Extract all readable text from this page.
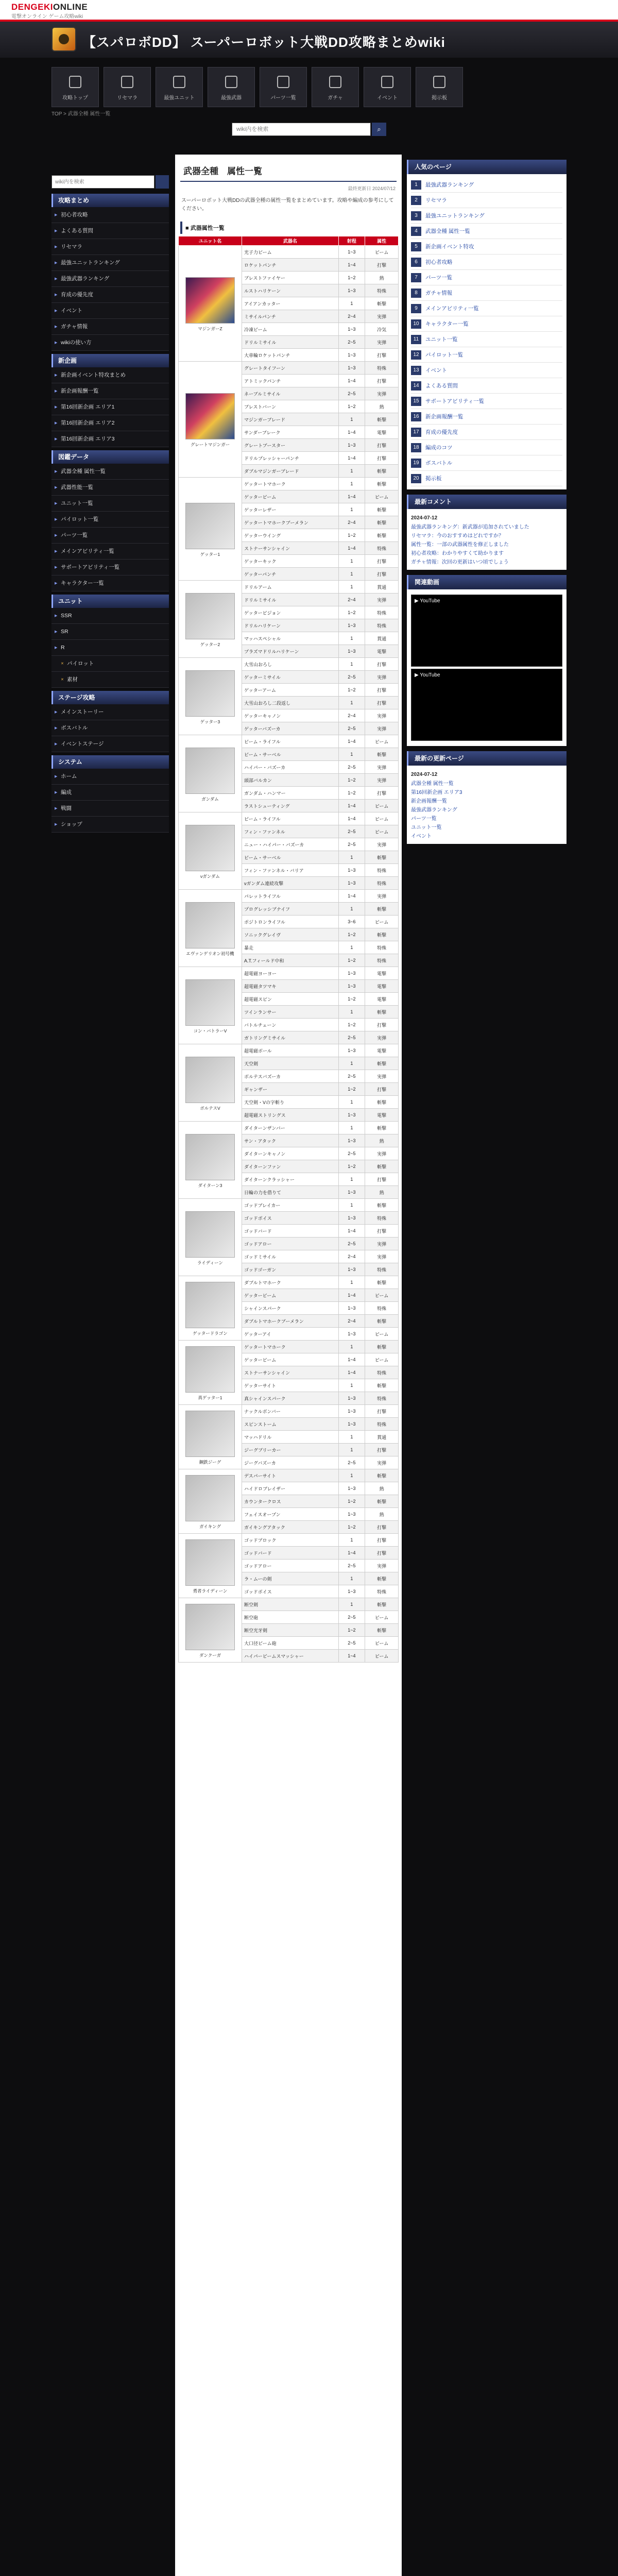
DENGEKIONLINE
電撃オンライン ゲーム攻略wiki
【スパロボDD】 スーパーロボット大戦DD攻略まとめwiki
攻略トップ	リセマラ	最強ユニット	最強武器	パーツ一覧	ガチャ	イベント	掲示板
TOP > 武器全種 属性一覧
wiki内を検索
⌕
wiki内を検索
攻略まとめ
▶ 初心者攻略
▶ よくある質問
▶ リセマラ
▶ 最強ユニットランキング
▶ 最強武器ランキング
▶ 育成の優先度
▶ イベント
▶ ガチャ情報
▶ wikiの使い方
新企画
▶ 新企画イベント特攻まとめ
▶ 新企画報酬一覧
▶ 第16回新企画 エリア1
▶ 第16回新企画 エリア2
▶ 第16回新企画 エリア3
図鑑データ
▶ 武器全種 属性一覧
▶ 武器性能一覧
▶ ユニット一覧
▶ パイロット一覧
▶ パーツ一覧
▶ メインアビリティ一覧
▶ サポートアビリティ一覧
▶ キャラクター一覧
ユニット
▶ SSR
▶ SR
▶ R
✕ パイロット
✕ 素材
ステージ攻略
▶ メインストーリー
▶ ボスバトル
▶ イベントステージ
システム
▶ ホーム
▶ 編成
▶ 戦闘
▶ ショップ
武器全種　属性一覧
最終更新日 2024/07/12
スーパーロボット大戦DDの武器全種の属性一覧をまとめています。攻略や編成の参考にしてください。
■ 武器属性一覧
ユニット名	武器名	射程	属性

マジンガーZ	光子力ビーム	1~3	ビーム
	ロケットパンチ	1~4	打撃
	ブレストファイヤー	1~2	熱
	ルストハリケーン	1~3	特殊
	アイアンカッター	1	斬撃
	ミサイルパンチ	2~4	実弾
	冷凍ビーム	1~3	冷気
	ドリルミサイル	2~5	実弾
	大車輪ロケットパンチ	1~3	打撃

グレートマジンガー	グレートタイフーン	1~3	特殊
	アトミックパンチ	1~4	打撃
	ネーブルミサイル	2~5	実弾
	ブレストバーン	1~2	熱
	マジンガーブレード	1	斬撃
	サンダーブレーク	1~4	電撃
	グレートブースター	1~3	打撃
	ドリルプレッシャーパンチ	1~4	打撃
	ダブルマジンガーブレード	1	斬撃

ゲッター1	ゲッタートマホーク	1	斬撃
	ゲッタービーム	1~4	ビーム
	ゲッターレザー	1	斬撃
	ゲッタートマホークブーメラン	2~4	斬撃
	ゲッターウイング	1~2	斬撃
	ストナーサンシャイン	1~4	特殊
	ゲッターキック	1	打撃
	ゲッターパンチ	1	打撃

ゲッター2	ドリルアーム	1	貫通
	ドリルミサイル	2~4	実弾
	ゲッタービジョン	1~2	特殊
	ドリルハリケーン	1~3	特殊
	マッハスペシャル	1	貫通
	プラズマドリルハリケーン	1~3	電撃

ゲッター3	大雪山おろし	1	打撃
	ゲッターミサイル	2~5	実弾
	ゲッターアーム	1~2	打撃
	大雪山おろし二段返し	1	打撃
	ゲッターキャノン	2~4	実弾
	ゲッターバズーカ	2~5	実弾

ガンダム	ビーム・ライフル	1~4	ビーム
	ビーム・サーベル	1	斬撃
	ハイパー・バズーカ	2~5	実弾
	頭部バルカン	1~2	実弾
	ガンダム・ハンマー	1~2	打撃
	ラストシューティング	1~4	ビーム

νガンダム	ビーム・ライフル	1~4	ビーム
	フィン・ファンネル	2~5	ビーム
	ニュー・ハイパー・バズーカ	2~5	実弾
	ビーム・サーベル	1	斬撃
	フィン・ファンネル・バリア	1~3	特殊
	νガンダム連続攻撃	1~3	特殊

エヴァンゲリオン初号機	パレットライフル	1~4	実弾
	プログレッシブナイフ	1	斬撃
	ポジトロンライフル	3~6	ビーム
	ソニックグレイヴ	1~2	斬撃
	暴走	1	特殊
	A.T.フィールド中和	1~2	特殊

コン・バトラーV	超電磁ヨーヨー	1~3	電撃
	超電磁タツマキ	1~3	電撃
	超電磁スピン	1~2	電撃
	ツインランサー	1	斬撃
	バトルチェーン	1~2	打撃
	ガトリングミサイル	2~5	実弾

ボルテスV	超電磁ボール	1~3	電撃
	天空剣	1	斬撃
	ボルテスバズーカ	2~5	実弾
	ギャンザー	1~2	打撃
	天空剣・Vの字斬り	1	斬撃
	超電磁ストリングス	1~3	電撃

ダイターン3	ダイターンザンバー	1	斬撃
	サン・アタック	1~3	熱
	ダイターンキャノン	2~5	実弾
	ダイターンファン	1~2	斬撃
	ダイターンクラッシャー	1	打撃
	日輪の力を借りて	1~3	熱

ライディーン	ゴッドブレイカー	1	斬撃
	ゴッドボイス	1~3	特殊
	ゴッドバード	1~4	打撃
	ゴッドアロー	2~5	実弾
	ゴッドミサイル	2~4	実弾
	ゴッドゴーガン	1~3	特殊

ゲッタードラゴン	ダブルトマホーク	1	斬撃
	ゲッタービーム	1~4	ビーム
	シャインスパーク	1~3	特殊
	ダブルトマホークブーメラン	2~4	斬撃
	ゲッターアイ	1~3	ビーム

真ゲッター1	ゲッタートマホーク	1	斬撃
	ゲッタービーム	1~4	ビーム
	ストナーサンシャイン	1~4	特殊
	ゲッターサイト	1	斬撃
	真シャインスパーク	1~3	特殊

鋼鉄ジーグ	ナックルボンバー	1~3	打撃
	スピンストーム	1~3	特殊
	マッハドリル	1	貫通
	ジーグブリーカー	1	打撃
	ジーグバズーカ	2~5	実弾

ガイキング	デスパーサイト	1	斬撃
	ハイドロブレイザー	1~3	熱
	カウンタークロス	1~2	斬撃
	フェイスオープン	1~3	熱
	ガイキングアタック	1~2	打撃

勇者ライディーン	ゴッドブロック	1	打撃
	ゴッドバード	1~4	打撃
	ゴッドアロー	2~5	実弾
	ラ・ムーの剣	1	斬撃
	ゴッドボイス	1~3	特殊

ダンクーガ	断空剣	1	斬撃
	断空砲	2~5	ビーム
	断空光牙剣	1~2	斬撃
	大口径ビーム砲	2~5	ビーム
	ハイパービームスマッシャー	1~4	ビーム
人気のページ
1	最強武器ランキング
2	リセマラ
3	最強ユニットランキング
4	武器全種 属性一覧
5	新企画イベント特攻
6	初心者攻略
7	パーツ一覧
8	ガチャ情報
9	メインアビリティ一覧
10	キャラクター一覧
11	ユニット一覧
12	パイロット一覧
13	イベント
14	よくある質問
15	サポートアビリティ一覧
16	新企画報酬一覧
17	育成の優先度
18	編成のコツ
19	ボスバトル
20	掲示板
最新コメント
2024-07-12
最強武器ランキング：新武器が追加されていました
リセマラ：今のおすすめはどれですか？
属性一覧：一部の武器属性を修正しました
初心者攻略：わかりやすくて助かります
ガチャ情報：次回の更新はいつ頃でしょう
関連動画
▶ YouTube
▶ YouTube
最新の更新ページ
2024-07-12
武器全種 属性一覧
第16回新企画 エリア3
新企画報酬一覧
最強武器ランキング
パーツ一覧
ユニット一覧
イベント
